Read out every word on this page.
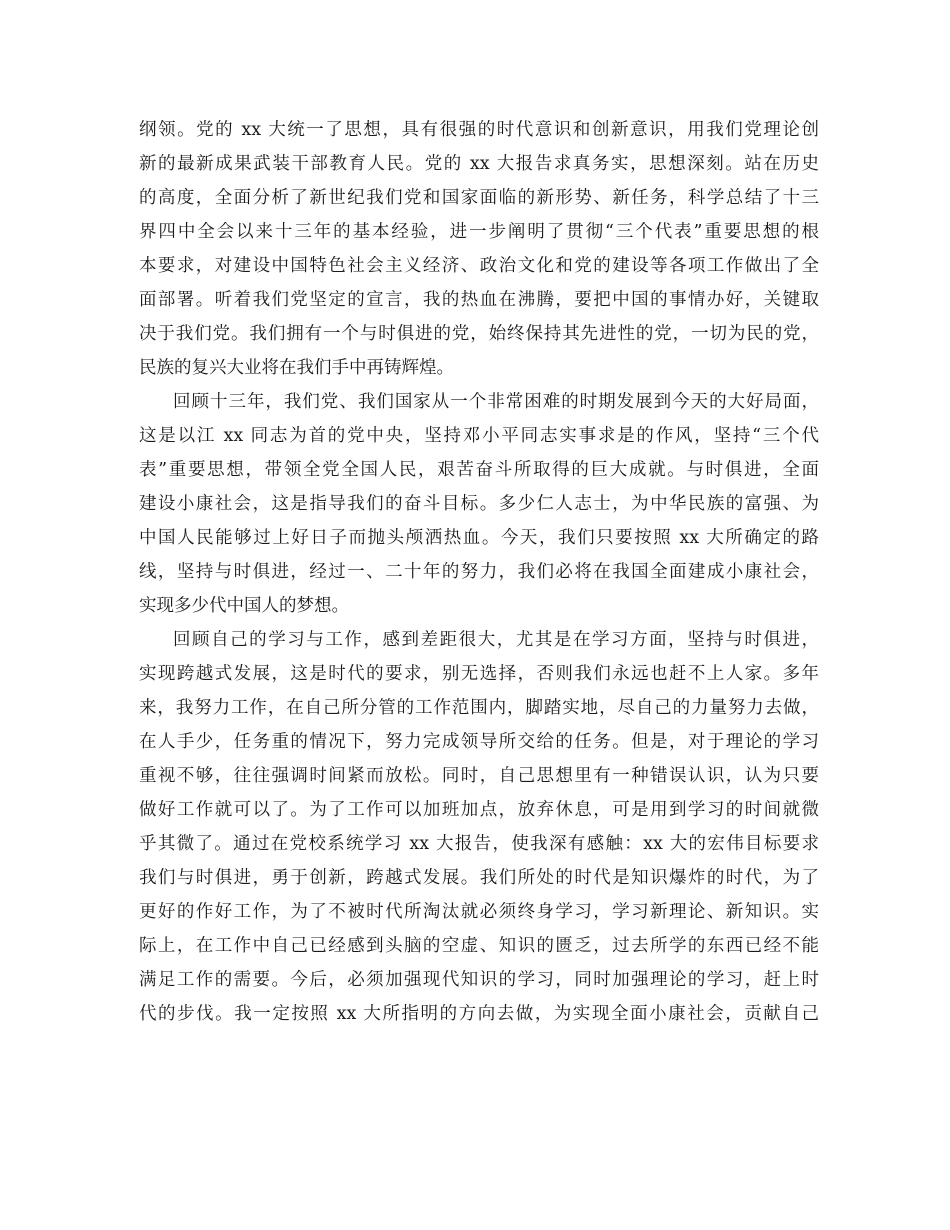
纲领。党的 xx 大统一了思想，具有很强的时代意识和创新意识，用我们党理论创
新的最新成果武装干部教育人民。党的 xx 大报告求真务实，思想深刻。站在历史
的高度，全面分析了新世纪我们党和国家面临的新形势、新任务，科学总结了十三
界四中全会以来十三年的基本经验，进一步阐明了贯彻“三个代表”重要思想的根
本要求，对建设中国特色社会主义经济、政治文化和党的建设等各项工作做出了全
面部署。听着我们党坚定的宣言，我的热血在沸腾，要把中国的事情办好，关键取
决于我们党。我们拥有一个与时俱进的党，始终保持其先进性的党，一切为民的党，
民族的复兴大业将在我们手中再铸辉煌。
回顾十三年，我们党、我们国家从一个非常困难的时期发展到今天的大好局面，
这是以江 xx 同志为首的党中央，坚持邓小平同志实事求是的作风，坚持“三个代
表”重要思想，带领全党全国人民，艰苦奋斗所取得的巨大成就。与时俱进，全面
建设小康社会，这是指导我们的奋斗目标。多少仁人志士，为中华民族的富强、为
中国人民能够过上好日子而抛头颅洒热血。今天，我们只要按照 xx 大所确定的路
线，坚持与时俱进，经过一、二十年的努力，我们必将在我国全面建成小康社会，
实现多少代中国人的梦想。
回顾自己的学习与工作，感到差距很大，尤其是在学习方面，坚持与时俱进，
实现跨越式发展，这是时代的要求，别无选择，否则我们永远也赶不上人家。多年
来，我努力工作，在自己所分管的工作范围内，脚踏实地，尽自己的力量努力去做，
在人手少，任务重的情况下，努力完成领导所交给的任务。但是，对于理论的学习
重视不够，往往强调时间紧而放松。同时，自己思想里有一种错误认识，认为只要
做好工作就可以了。为了工作可以加班加点，放弃休息，可是用到学习的时间就微
乎其微了。通过在党校系统学习 xx 大报告，使我深有感触：xx 大的宏伟目标要求
我们与时俱进，勇于创新，跨越式发展。我们所处的时代是知识爆炸的时代，为了
更好的作好工作，为了不被时代所淘汰就必须终身学习，学习新理论、新知识。实
际上，在工作中自己已经感到头脑的空虚、知识的匮乏，过去所学的东西已经不能
满足工作的需要。今后，必须加强现代知识的学习，同时加强理论的学习，赶上时
代的步伐。我一定按照 xx 大所指明的方向去做，为实现全面小康社会，贡献自己
